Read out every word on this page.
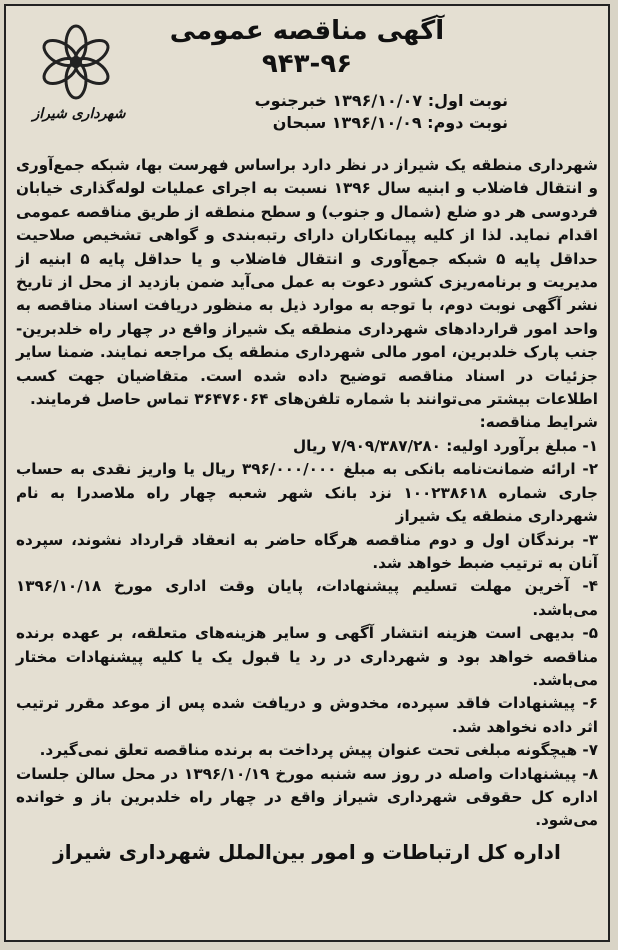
آگهی مناقصه عمومی
۹۴۳-۹۶
نوبت اول: ۱۳۹۶/۱۰/۰۷ خبرجنوب
نوبت دوم: ۱۳۹۶/۱۰/۰۹ سبحان
شهرداری شیراز

شهرداری منطقه یک شیراز در نظر دارد براساس فهرست بها، شبکه جمع‌آوری و انتقال فاضلاب و ابنیه سال ۱۳۹۶ نسبت به اجرای عملیات لوله‌گذاری خیابان فردوسی هر دو ضلع (شمال و جنوب) و سطح منطقه از طریق مناقصه عمومی اقدام نماید. لذا از کلیه پیمانکاران دارای رتبه‌بندی و گواهی تشخیص صلاحیت حداقل پایه ۵ شبکه جمع‌آوری و انتقال فاضلاب و یا حداقل پایه ۵ ابنیه از مدیریت و برنامه‌ریزی کشور دعوت به عمل می‌آید ضمن بازدید از محل از تاریخ نشر آگهی نوبت دوم، با توجه به موارد ذیل به منظور دریافت اسناد مناقصه به واحد امور قراردادهای شهرداری منطقه یک شیراز واقع در چهار راه خلدبرین- جنب پارک خلدبرین، امور مالی شهرداری منطقه یک مراجعه نمایند. ضمنا سایر جزئیات در اسناد مناقصه توضیح داده شده است. متقاضیان جهت کسب اطلاعات بیشتر می‌توانند با شماره تلفن‌های ۳۶۴۷۶۰۶۴ تماس حاصل فرمایند.

شرایط مناقصه:

۱- مبلغ برآورد اولیه: ۷/۹۰۹/۳۸۷/۲۸۰ ریال

۲- ارائه ضمانت‌نامه بانکی به مبلغ ۳۹۶/۰۰۰/۰۰۰ ریال یا واریز نقدی به حساب جاری شماره ۱۰۰۲۳۸۶۱۸ نزد بانک شهر شعبه چهار راه ملاصدرا به نام شهرداری منطقه یک شیراز

۳- برندگان اول و دوم مناقصه هرگاه حاضر به انعقاد قرارداد نشوند، سپرده آنان به ترتیب ضبط خواهد شد.

۴- آخرین مهلت تسلیم پیشنهادات، پایان وقت اداری مورخ ۱۳۹۶/۱۰/۱۸ می‌باشد.

۵- بدیهی است هزینه انتشار آگهی و سایر هزینه‌های متعلقه، بر عهده برنده مناقصه خواهد بود و شهرداری در رد یا قبول یک یا کلیه پیشنهادات مختار می‌باشد.

۶- پیشنهادات فاقد سپرده، مخدوش و دریافت شده پس از موعد مقرر ترتیب اثر داده نخواهد شد.

۷- هیچگونه مبلغی تحت عنوان پیش پرداخت به برنده مناقصه تعلق نمی‌گیرد.

۸- پیشنهادات واصله در روز سه شنبه مورخ ۱۳۹۶/۱۰/۱۹ در محل سالن جلسات اداره کل حقوقی شهرداری شیراز واقع در چهار راه خلدبرین باز و خوانده می‌شود.

اداره کل ارتباطات و امور بین‌الملل شهرداری شیراز
